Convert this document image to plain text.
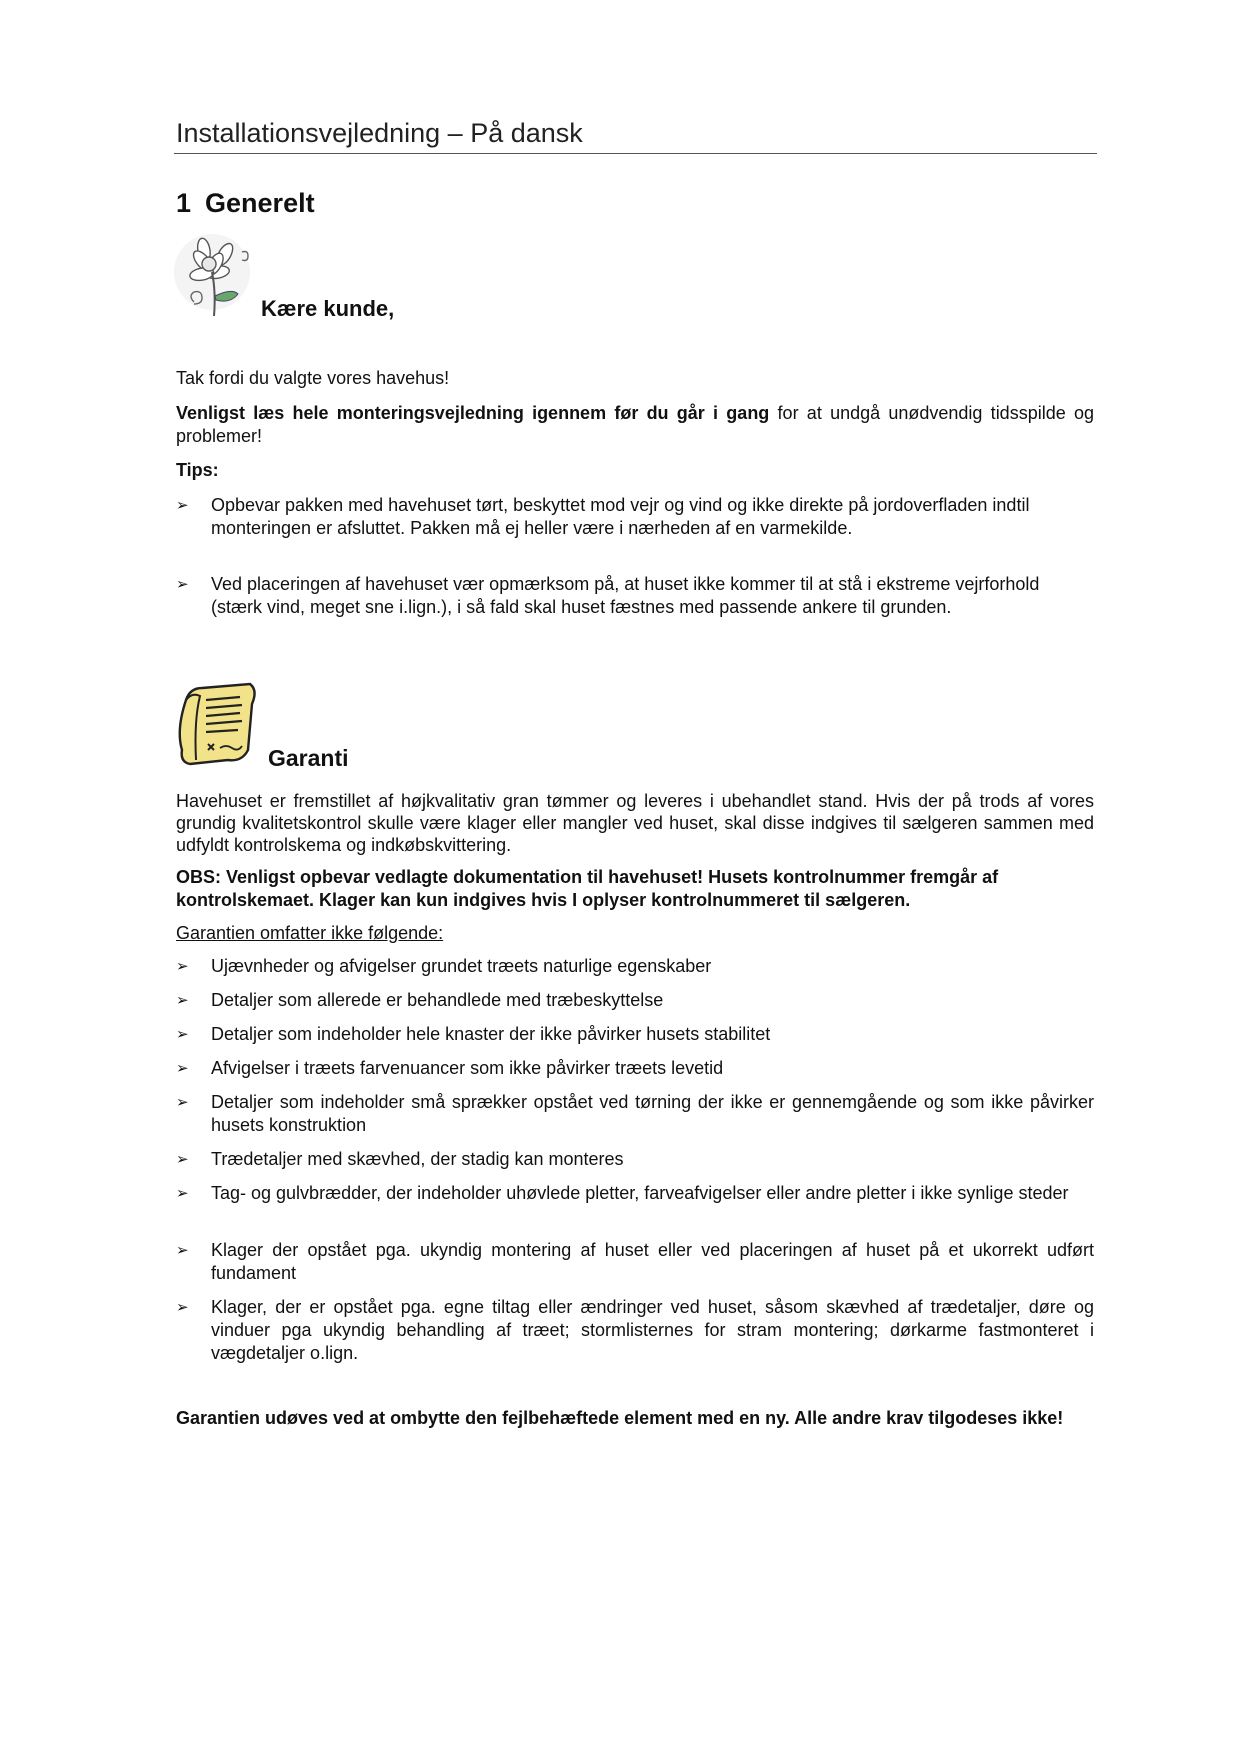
Installationsvejledning – På dansk
1 Generelt
Kære kunde,
Tak fordi du valgte vores havehus!
Venligst læs hele monteringsvejledning igennem før du går i gang for at undgå unødvendig tidsspilde og problemer!
Tips:
➢	Opbevar pakken med havehuset tørt, beskyttet mod vejr og vind og ikke direkte på jordoverfladen indtil monteringen er afsluttet. Pakken må ej heller være i nærheden af en varmekilde.
➢	Ved placeringen af havehuset vær opmærksom på, at huset ikke kommer til at stå i ekstreme vejrforhold (stærk vind, meget sne i.lign.), i så fald skal huset fæstnes med passende ankere til grunden.
Garanti
Havehuset er fremstillet af højkvalitativ gran tømmer og leveres i ubehandlet stand. Hvis der på trods af vores grundig kvalitetskontrol skulle være klager eller mangler ved huset, skal disse indgives til sælgeren sammen med udfyldt kontrolskema og indkøbskvittering.
OBS: Venligst opbevar vedlagte dokumentation til havehuset! Husets kontrolnummer fremgår af kontrolskemaet. Klager kan kun indgives hvis I oplyser kontrolnummeret til sælgeren.
Garantien omfatter ikke følgende:
➢	Ujævnheder og afvigelser grundet træets naturlige egenskaber
➢	Detaljer som allerede er behandlede med træbeskyttelse
➢	Detaljer som indeholder hele knaster der ikke påvirker husets stabilitet
➢	Afvigelser i træets farvenuancer som ikke påvirker træets levetid
➢	Detaljer som indeholder små sprækker opstået ved tørning der ikke er gennemgående og som ikke påvirker husets konstruktion
➢	Trædetaljer med skævhed, der stadig kan monteres
➢	Tag- og gulvbrædder, der indeholder uhøvlede pletter, farveafvigelser eller andre pletter i ikke synlige steder
➢	Klager der opstået pga. ukyndig montering af huset eller ved placeringen af huset på et ukorrekt udført fundament
➢	Klager, der er opstået pga. egne tiltag eller ændringer ved huset, såsom skævhed af trædetaljer, døre og vinduer pga ukyndig behandling af træet; stormlisternes for stram montering; dørkarme fastmonteret i vægdetaljer o.lign.
Garantien udøves ved at ombytte den fejlbehæftede element med en ny. Alle andre krav tilgodeses ikke!
